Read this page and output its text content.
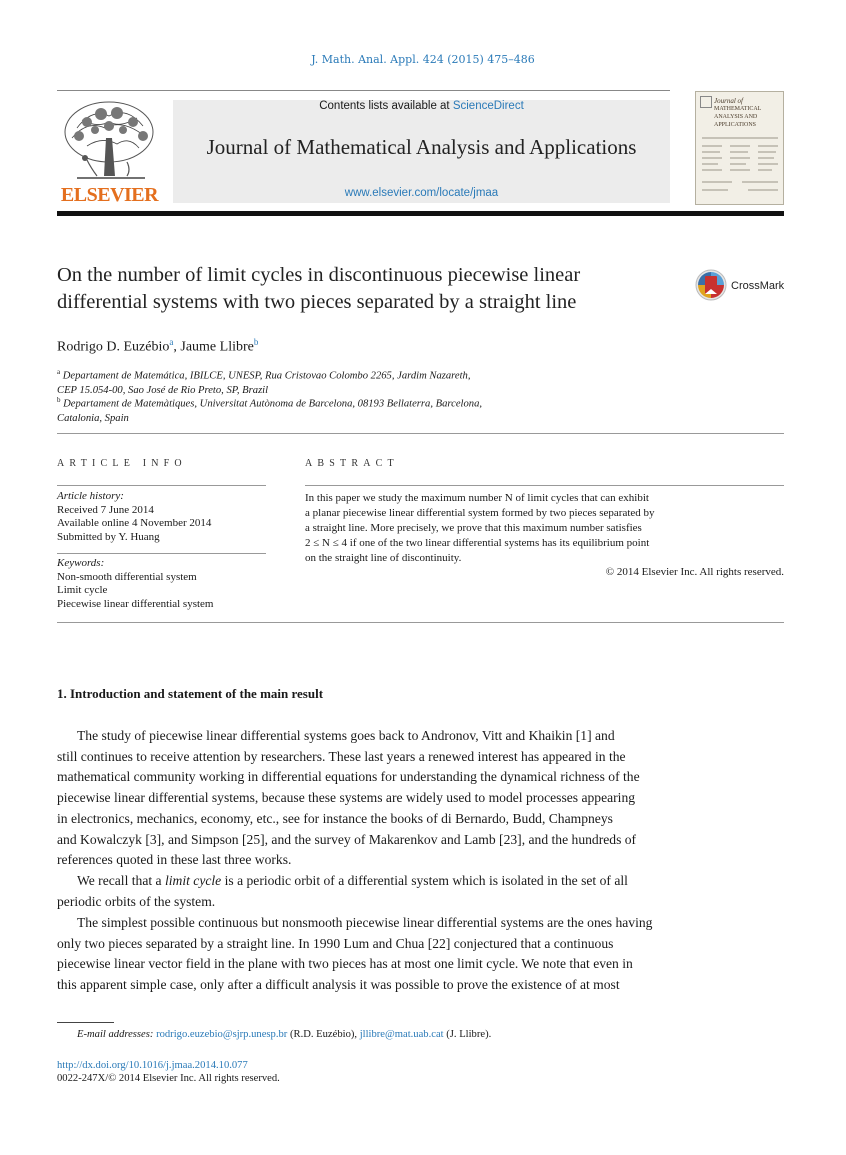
J. Math. Anal. Appl. 424 (2015) 475–486
ELSEVIER
Contents lists available at ScienceDirect
Journal of Mathematical Analysis and Applications
www.elsevier.com/locate/jmaa
Journal of
MATHEMATICAL
ANALYSIS AND
APPLICATIONS
On the number of limit cycles in discontinuous piecewise linear
differential systems with two pieces separated by a straight line
CrossMark
Rodrigo D. Euzébio$^a$, Jaume Llibre$^b$
$^a$ Departament de Matemática, IBILCE, UNESP, Rua Cristovao Colombo 2265, Jardim Nazareth,
CEP 15.054-00, Sao José de Rio Preto, SP, Brazil
$^b$ Departament de Matemàtiques, Universitat Autònoma de Barcelona, 08193 Bellaterra, Barcelona,
Catalonia, Spain
ARTICLE INFO
Article history:
Received 7 June 2014
Available online 4 November 2014
Submitted by Y. Huang
Keywords:
Non-smooth differential system
Limit cycle
Piecewise linear differential system
ABSTRACT
In this paper we study the maximum number N of limit cycles that can exhibit
a planar piecewise linear differential system formed by two pieces separated by
a straight line. More precisely, we prove that this maximum number satisfies
2 ≤ N ≤ 4 if one of the two linear differential systems has its equilibrium point
on the straight line of discontinuity.
© 2014 Elsevier Inc. All rights reserved.
1. Introduction and statement of the main result
The study of piecewise linear differential systems goes back to Andronov, Vitt and Khaikin [1] and
still continues to receive attention by researchers. These last years a renewed interest has appeared in the
mathematical community working in differential equations for understanding the dynamical richness of the
piecewise linear differential systems, because these systems are widely used to model processes appearing
in electronics, mechanics, economy, etc., see for instance the books of di Bernardo, Budd, Champneys
and Kowalczyk [3], and Simpson [25], and the survey of Makarenkov and Lamb [23], and the hundreds of
references quoted in these last three works.
We recall that a limit cycle is a periodic orbit of a differential system which is isolated in the set of all
periodic orbits of the system.
The simplest possible continuous but nonsmooth piecewise linear differential systems are the ones having
only two pieces separated by a straight line. In 1990 Lum and Chua [22] conjectured that a continuous
piecewise linear vector field in the plane with two pieces has at most one limit cycle. We note that even in
this apparent simple case, only after a difficult analysis it was possible to prove the existence of at most
E-mail addresses: rodrigo.euzebio@sjrp.unesp.br (R.D. Euzébio), jllibre@mat.uab.cat (J. Llibre).
http://dx.doi.org/10.1016/j.jmaa.2014.10.077
0022-247X/© 2014 Elsevier Inc. All rights reserved.
